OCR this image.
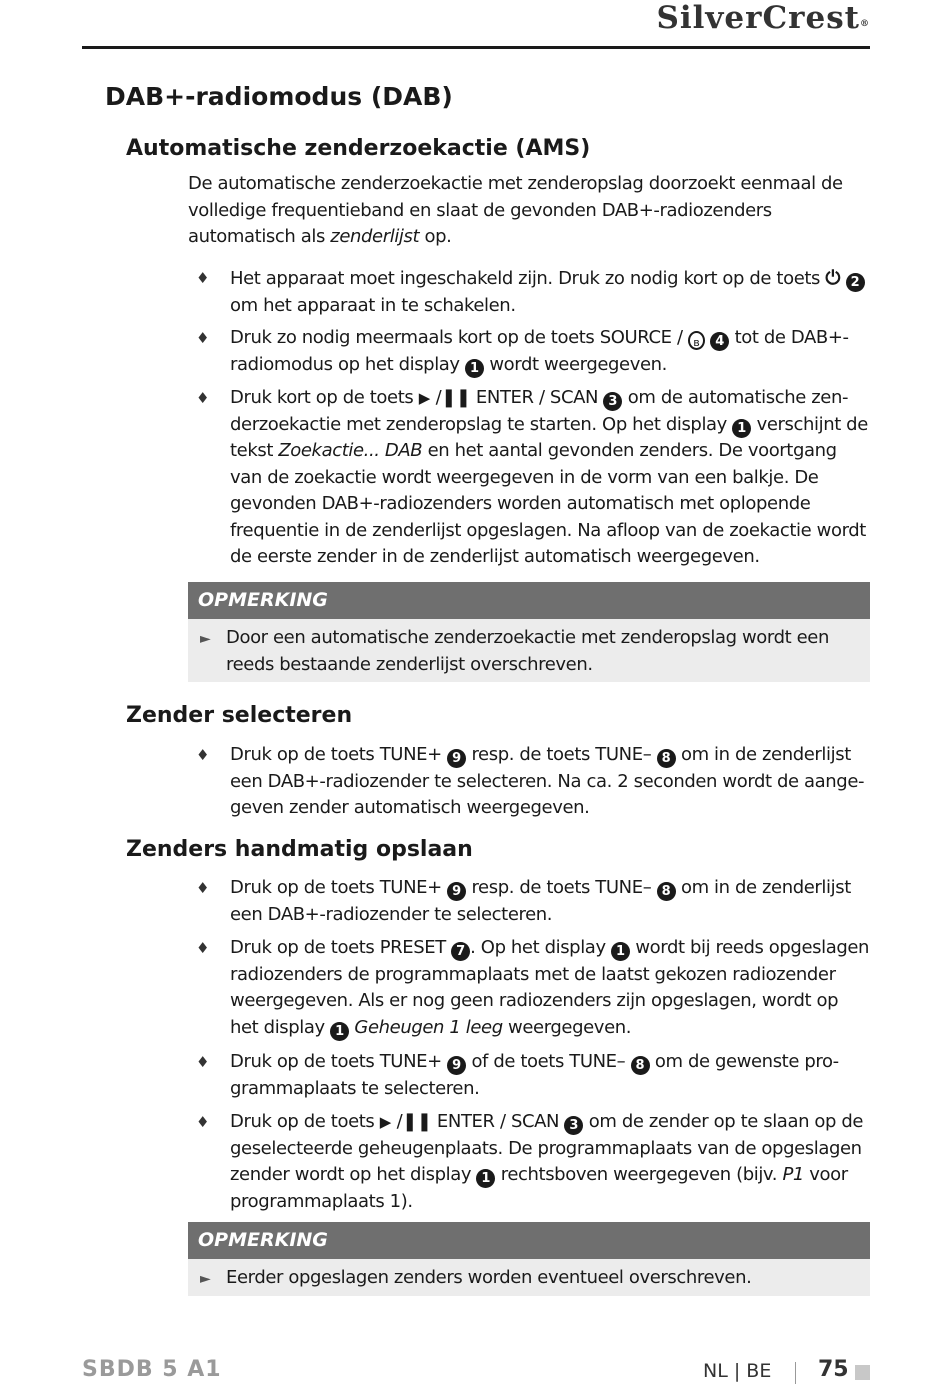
SilverCrest®
DAB+-radiomodus (DAB)
Automatische zenderzoekactie (AMS)

De automatische zenderzoekactie met zenderopslag doorzoekt eenmaal de volledige frequentieband en slaat de gevonden DAB+-radiozenders automatisch als zenderlijst op.

♦ Het apparaat moet ingeschakeld zijn. Druk zo nodig kort op de toets ⏻ 2 om het apparaat in te schakelen.
♦ Druk zo nodig meermaals kort op de toets SOURCE / ʙ 4 tot de DAB+-radiomodus op het display 1 wordt weergegeven.
♦ Druk kort op de toets ▶ /❚❚ ENTER / SCAN 3 om de automatische zenderzoekactie met zenderopslag te starten. Op het display 1 verschijnt de tekst Zoekactie... DAB en het aantal gevonden zenders. De voortgang van de zoekactie wordt weergegeven in de vorm van een balkje. De gevonden DAB+-radiozenders worden automatisch met oplopende frequentie in de zenderlijst opgeslagen. Na afloop van de zoekactie wordt de eerste zender in de zenderlijst automatisch weergegeven.
OPMERKING
► Door een automatische zenderzoekactie met zenderopslag wordt een reeds bestaande zenderlijst overschreven.
Zender selecteren
♦ Druk op de toets TUNE+ 9 resp. de toets TUNE– 8 om in de zenderlijst een DAB+-radiozender te selecteren. Na ca. 2 seconden wordt de aangegeven zender automatisch weergegeven.
Zenders handmatig opslaan
♦ Druk op de toets TUNE+ 9 resp. de toets TUNE– 8 om in de zenderlijst een DAB+-radiozender te selecteren.
♦ Druk op de toets PRESET 7 . Op het display 1 wordt bij reeds opgeslagen radiozenders de programmaplaats met de laatst gekozen radiozender weergegeven. Als er nog geen radiozenders zijn opgeslagen, wordt op het display 1 Geheugen 1 leeg weergegeven.
♦ Druk op de toets TUNE+ 9 of de toets TUNE– 8 om de gewenste programmaplaats te selecteren.
♦ Druk op de toets ▶ /❚❚ ENTER / SCAN 3 om de zender op te slaan op de geselecteerde geheugenplaats. De programmaplaats van de opgeslagen zender wordt op het display 1 rechtsboven weergegeven (bijv. P1 voor programmaplaats 1).
OPMERKING
► Eerder opgeslagen zenders worden eventueel overschreven.
SBDB 5 A1	NL | BE 75
